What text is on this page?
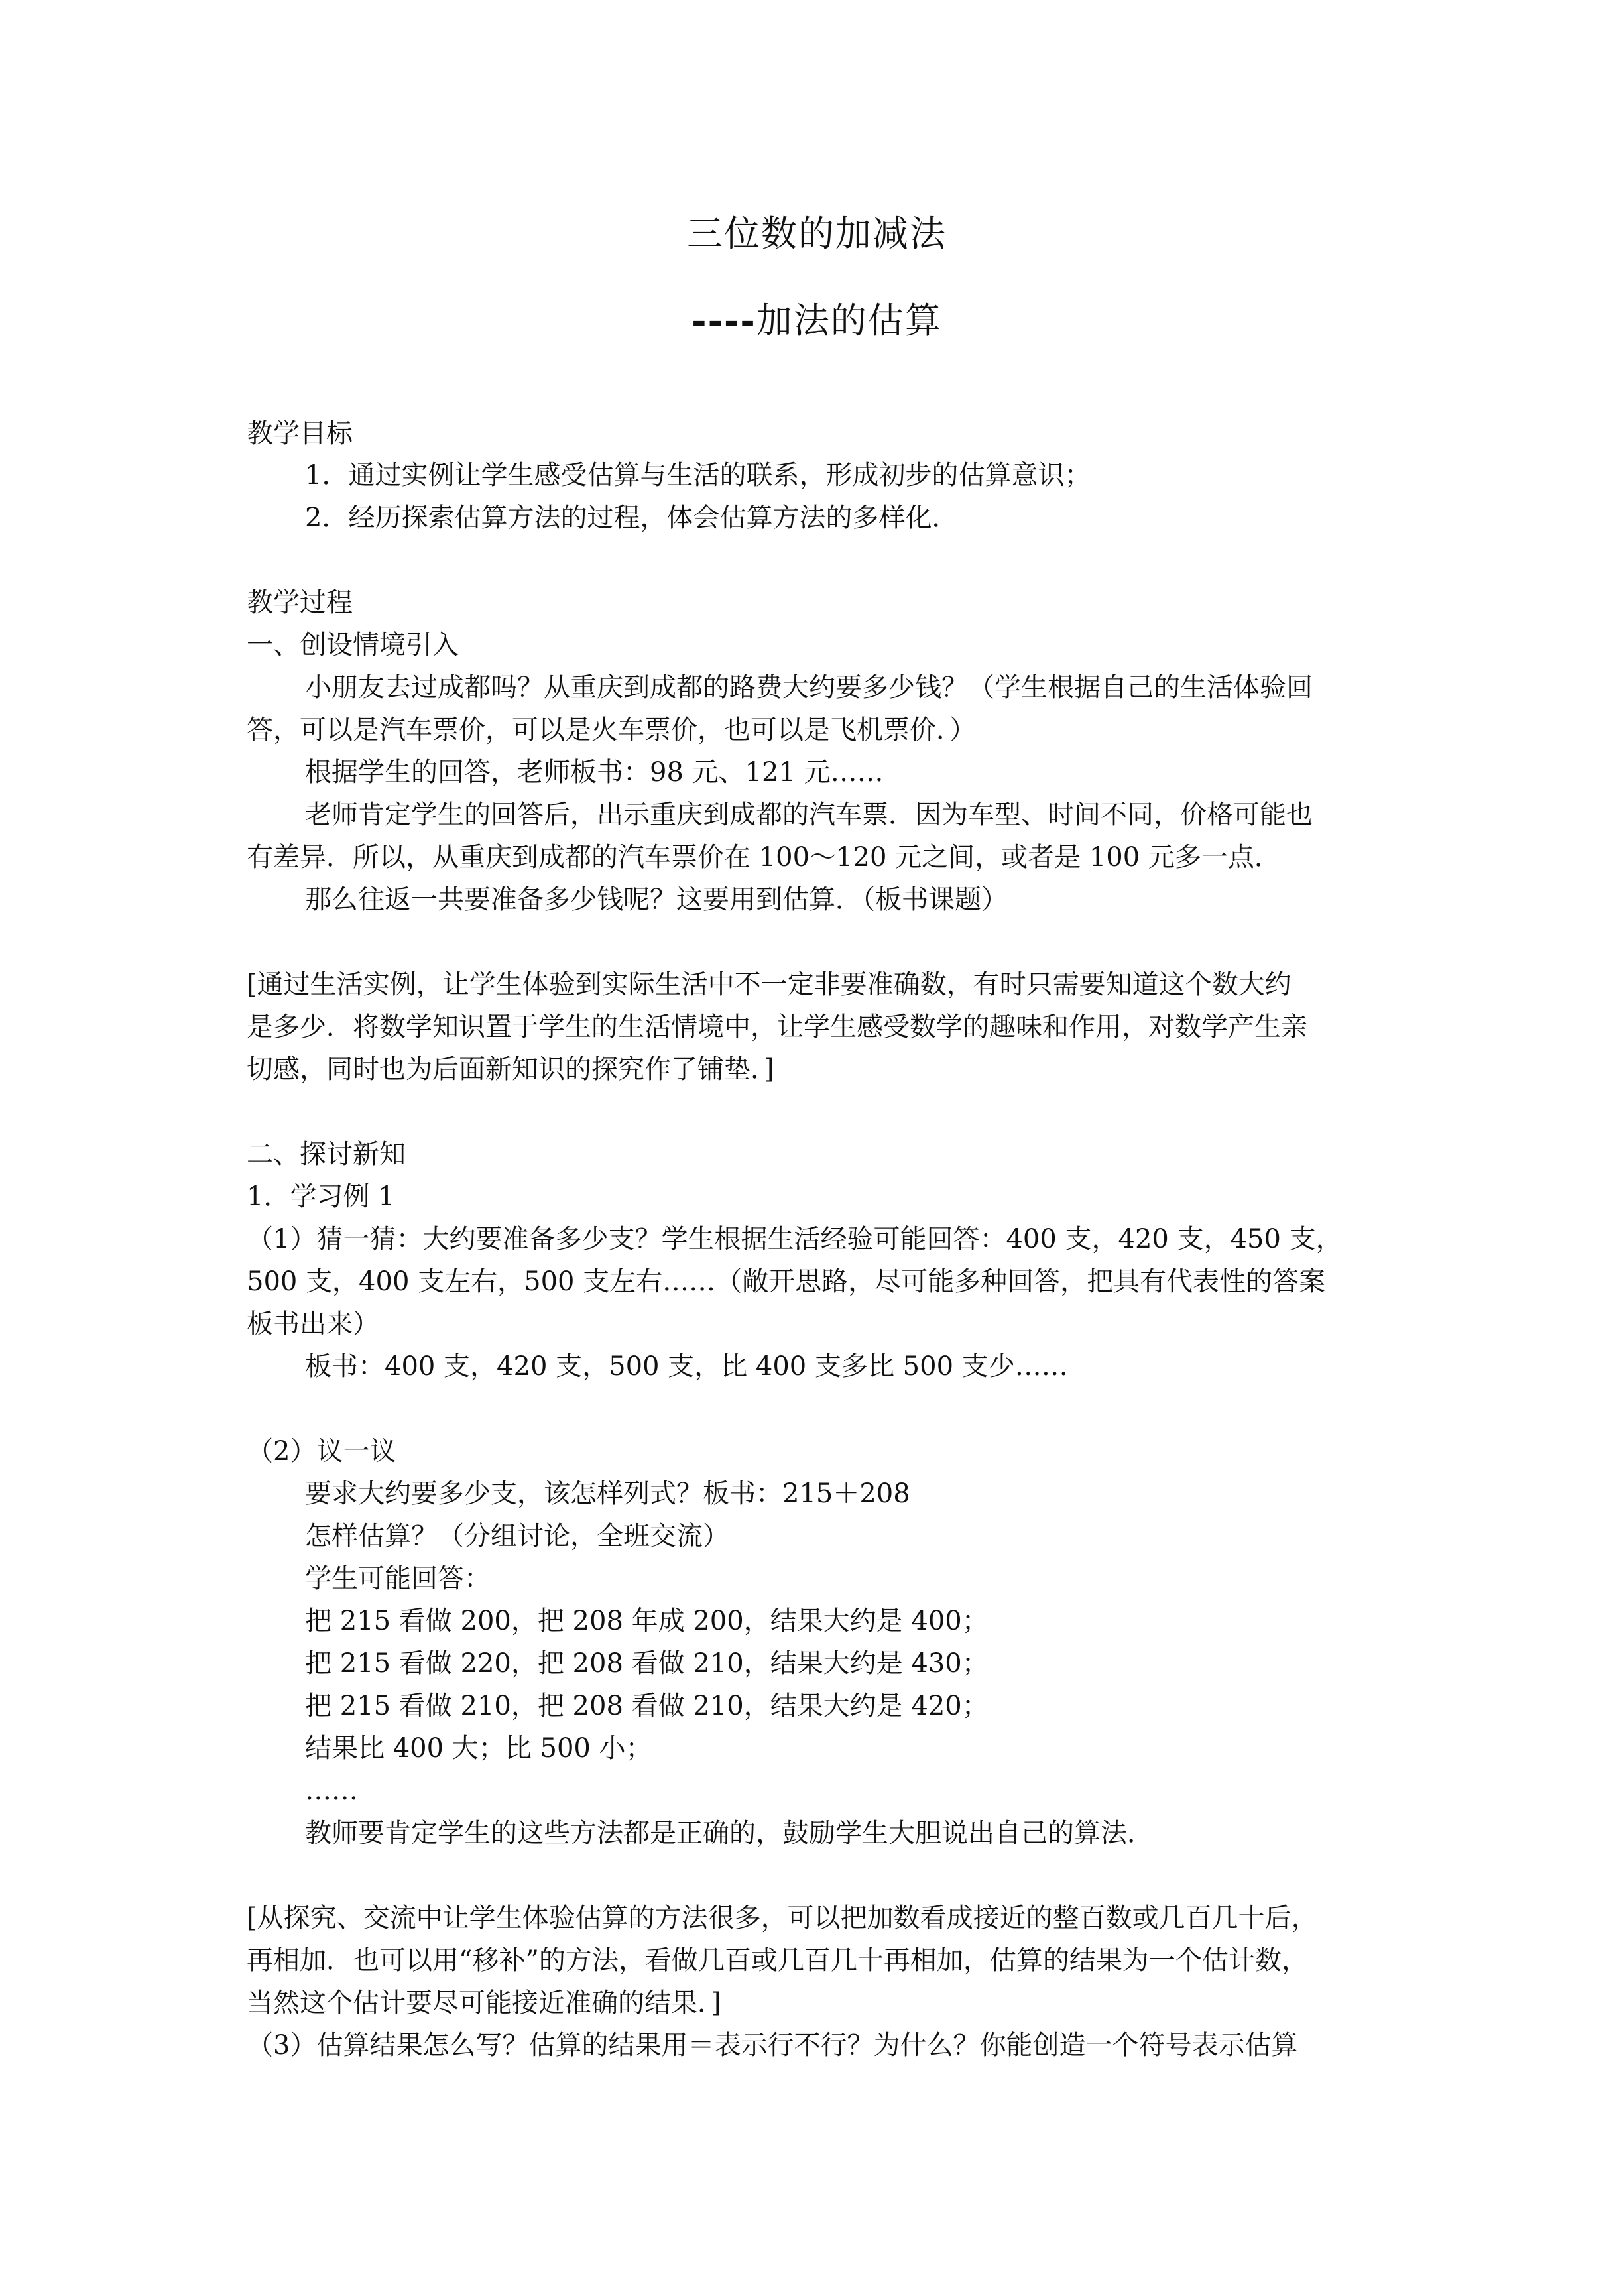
三位数的加减法
----加法的估算
教学目标
1．通过实例让学生感受估算与生活的联系，形成初步的估算意识；
2．经历探索估算方法的过程，体会估算方法的多样化．
教学过程
一、创设情境引入
小朋友去过成都吗？从重庆到成都的路费大约要多少钱？（学生根据自己的生活体验回
答，可以是汽车票价，可以是火车票价，也可以是飞机票价．）
根据学生的回答，老师板书：98 元、121 元……
老师肯定学生的回答后，出示重庆到成都的汽车票．因为车型、时间不同，价格可能也
有差异．所以，从重庆到成都的汽车票价在 100～120 元之间，或者是 100 元多一点．
那么往返一共要准备多少钱呢？这要用到估算．（板书课题）
[通过生活实例，让学生体验到实际生活中不一定非要准确数，有时只需要知道这个数大约
是多少．将数学知识置于学生的生活情境中，让学生感受数学的趣味和作用，对数学产生亲
切感，同时也为后面新知识的探究作了铺垫．]
二、探讨新知
1．学习例 1
（1）猜一猜：大约要准备多少支？学生根据生活经验可能回答：400 支，420 支，450 支，
500 支，400 支左右，500 支左右……（敞开思路，尽可能多种回答，把具有代表性的答案
板书出来）
板书：400 支，420 支，500 支，比 400 支多比 500 支少……
（2）议一议
要求大约要多少支，该怎样列式？板书：215＋208
怎样估算？（分组讨论，全班交流）
学生可能回答：
把 215 看做 200，把 208 年成 200，结果大约是 400；
把 215 看做 220，把 208 看做 210，结果大约是 430；
把 215 看做 210，把 208 看做 210，结果大约是 420；
结果比 400 大；比 500 小；
……
教师要肯定学生的这些方法都是正确的，鼓励学生大胆说出自己的算法．
[从探究、交流中让学生体验估算的方法很多，可以把加数看成接近的整百数或几百几十后，
再相加．也可以用“移补”的方法，看做几百或几百几十再相加，估算的结果为一个估计数，
当然这个估计要尽可能接近准确的结果．]
（3）估算结果怎么写？估算的结果用＝表示行不行？为什么？你能创造一个符号表示估算
